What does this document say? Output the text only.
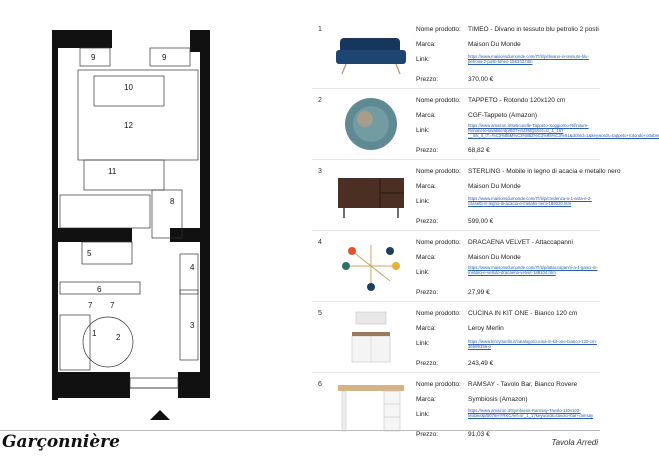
9	9
10
12
11
8
5
4
6
7 7
1 2
3
1	Nome prodotto: TIMEO - Divano in tessuto blu petrolio 2 posti
Marca:	Maison Du Monde
Link:	https://www.maisonsdumonde.com/IT/it/p/divano-in-tessuto-blu-petrolio-2-posti-timeo-156343.htm
Prezzo:	370,00 €
2	Nome prodotto: TAPPETO - Rotondo 120x120 cm
Marca:	CGF-Tappeto (Amazon)
Link:
https://www.amazon.it/Seticurelle-Tappeto-Soggiorno-Rifiniture-Rimanere-lavabile/dp/B07H4J3MQ5/ref=sr_1_16?__mk_it_IT=%C3%85M%C3%85Z%C3%95%C3%91&dchild=1&keywords=tappeto+rotondo+ottobre
Prezzo:	68,82 €
3	Nome prodotto: STERLING - Mobile in legno di acacia e metallo nero
Marca:	Maison Du Monde
Link:	https://www.maisonsdumonde.com/IT/it/p/credenza-a-1-anta-e-2-cassetti-in-legno-di-acacia-e-metallo-nero-188020.htm
Prezzo:	599,00 €
4	Nome prodotto: DRACAENA VELVET - Attaccapanni
Marca:	Maison Du Monde
Link:
https://www.maisonsdumonde.com/IT/it/p/attaccapanni-a-4-ganci-in-metallo-e-velluto-dracaena-velvet-188104.htm
Prezzo:	27,99 €
5	Nome prodotto: CUCINA IN KIT ONE - Bianco 120 cm
Marca:	Leroy Merlin
Link:	https://www.leroymerlin.it/catalogo/cucina-in-kit-one-bianco-120-cm-36599356-p
Prezzo:	243,49 €
6	Nome prodotto: RAMSAY - Tavolo Bar, Bianco Rovere
Marca:	Symbiosis (Amazon)
Link:
https://www.amazon.it/Symbiosis-Ramsay-Tavolo-110x102-Mobili/dp/B076HYRKC/ref=sr_1_1?keywords=tavolo+bar+ramsay
Prezzo:	91,03 €
Garçonnière	Tavola Arredi
